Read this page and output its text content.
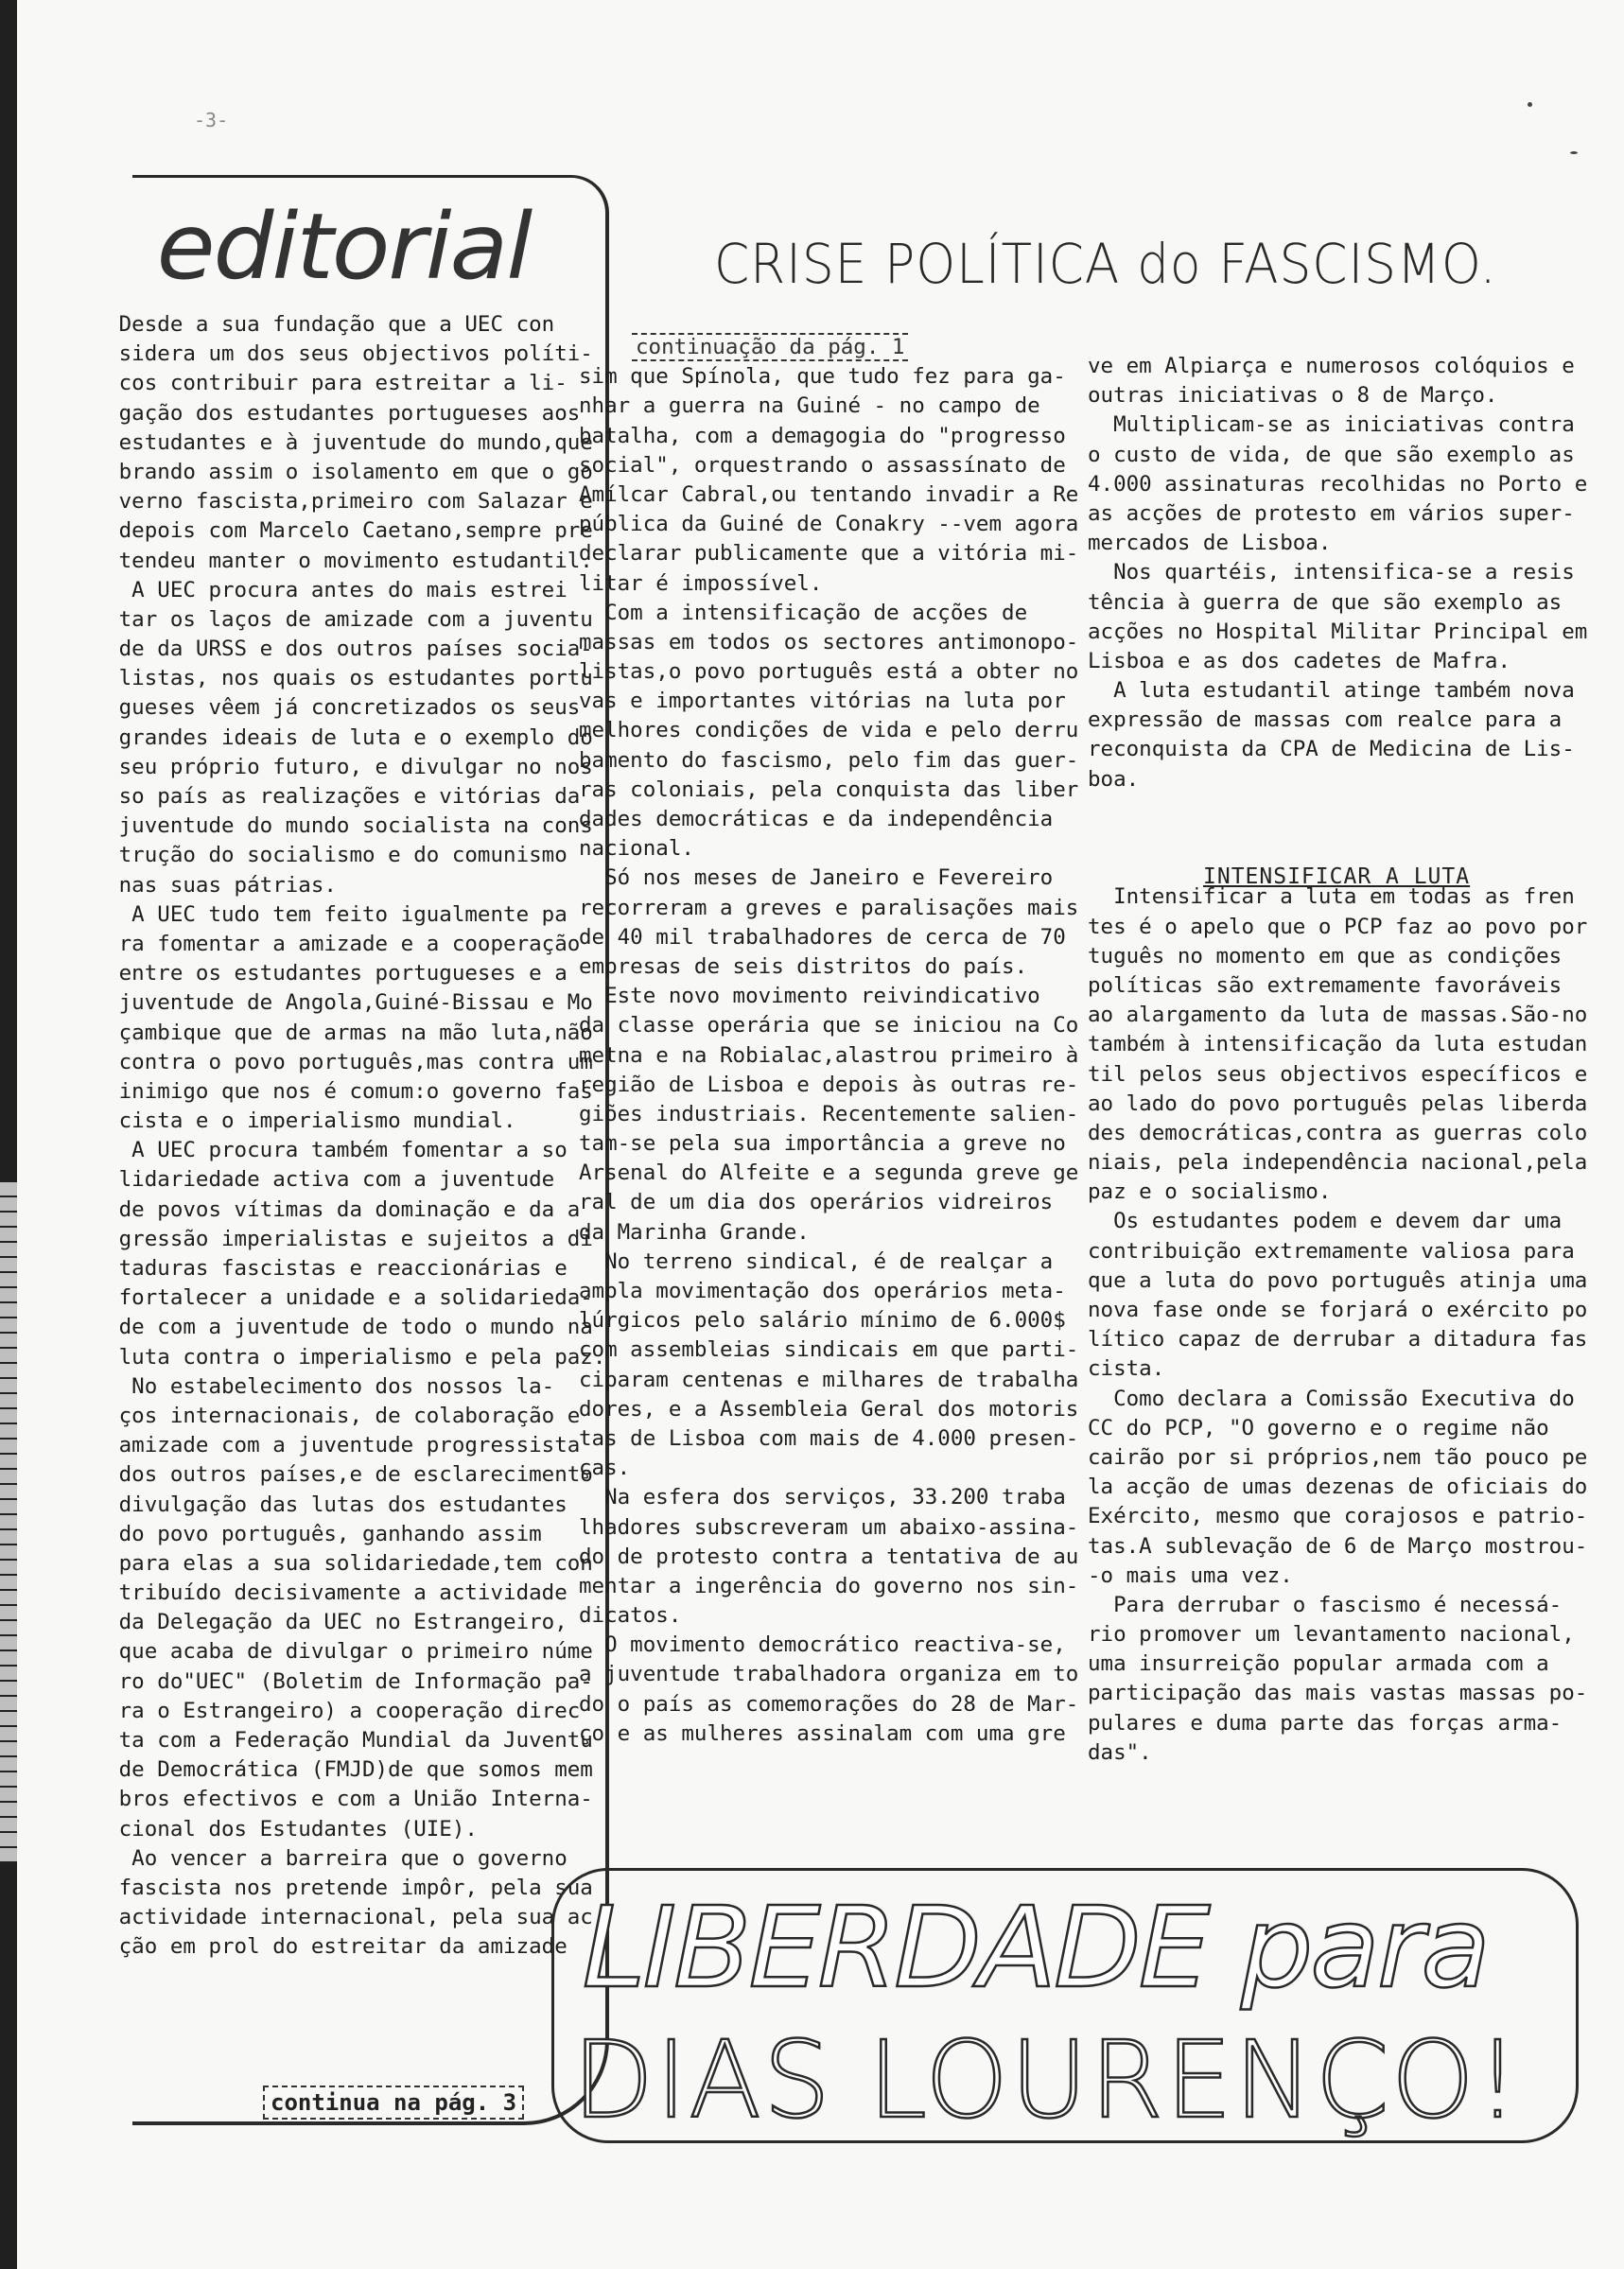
-3-
editorial
Desde a sua fundação que a UEC con
sidera um dos seus objectivos políti-
cos contribuir para estreitar a li-
gação dos estudantes portugueses aos
estudantes e à juventude do mundo,que
brando assim o isolamento em que o go
verno fascista,primeiro com Salazar e
depois com Marcelo Caetano,sempre pre
tendeu manter o movimento estudantil.
A UEC procura antes do mais estrei
tar os laços de amizade com a juventu
de da URSS e dos outros países socia-
listas, nos quais os estudantes portu
gueses vêem já concretizados os seus
grandes ideais de luta e o exemplo do
seu próprio futuro, e divulgar no nos
so país as realizações e vitórias da
juventude do mundo socialista na cons
trução do socialismo e do comunismo
nas suas pátrias.
A UEC tudo tem feito igualmente pa
ra fomentar a amizade e a cooperação
entre os estudantes portugueses e a
juventude de Angola,Guiné-Bissau e Mo
çambique que de armas na mão luta,não
contra o povo português,mas contra um
inimigo que nos é comum:o governo fas
cista e o imperialismo mundial.
A UEC procura também fomentar a so
lidariedade activa com a juventude
de povos vítimas da dominação e da a
gressão imperialistas e sujeitos a di
taduras fascistas e reaccionárias e
fortalecer a unidade e a solidarieda-
de com a juventude de todo o mundo na
luta contra o imperialismo e pela paz.
No estabelecimento dos nossos la-
ços internacionais, de colaboração e
amizade com a juventude progressista
dos outros países,e de esclarecimento
divulgação das lutas dos estudantes
do povo português, ganhando assim
para elas a sua solidariedade,tem con
tribuído decisivamente a actividade
da Delegação da UEC no Estrangeiro,
que acaba de divulgar o primeiro núme
ro do"UEC" (Boletim de Informação pa-
ra o Estrangeiro) a cooperação direc
ta com a Federação Mundial da Juventu
de Democrática (FMJD)de que somos mem
bros efectivos e com a União Interna-
cional dos Estudantes (UIE).
Ao vencer a barreira que o governo
fascista nos pretende impôr, pela sua
actividade internacional, pela sua ac
ção em prol do estreitar da amizade
continua na pág. 3
CRISE POLÍTICA do FASCISMO.
continuação da pág. 1
sim que Spínola, que tudo fez para ga-
nhar a guerra na Guiné - no campo de
batalha, com a demagogia do "progresso
social", orquestrando o assassínato de
Amílcar Cabral,ou tentando invadir a Re
pública da Guiné de Conakry --vem agora
declarar publicamente que a vitória mi-
litar é impossível.
Com a intensificação de acções de
massas em todos os sectores antimonopo-
listas,o povo português está a obter no
vas e importantes vitórias na luta por
melhores condições de vida e pelo derru
bamento do fascismo, pelo fim das guer-
ras coloniais, pela conquista das liber
dades democráticas e da independência
nacional.
Só nos meses de Janeiro e Fevereiro
recorreram a greves e paralisações mais
de 40 mil trabalhadores de cerca de 70
empresas de seis distritos do país.
Este novo movimento reivindicativo
da classe operária que se iniciou na Co
metna e na Robialac,alastrou primeiro à
região de Lisboa e depois às outras re-
giões industriais. Recentemente salien-
tam-se pela sua importância a greve no
Arsenal do Alfeite e a segunda greve ge
ral de um dia dos operários vidreiros
da Marinha Grande.
No terreno sindical, é de realçar a
ampla movimentação dos operários meta-
lúrgicos pelo salário mínimo de 6.000$
com assembleias sindicais em que parti-
ciparam centenas e milhares de trabalha
dores, e a Assembleia Geral dos motoris
tas de Lisboa com mais de 4.000 presen-
ças.
Na esfera dos serviços, 33.200 traba
lhadores subscreveram um abaixo-assina-
do de protesto contra a tentativa de au
mentar a ingerência do governo nos sin-
dicatos.
O movimento democrático reactiva-se,
a juventude trabalhadora organiza em to
do o país as comemorações do 28 de Mar-
ço e as mulheres assinalam com uma gre
ve em Alpiarça e numerosos colóquios e
outras iniciativas o 8 de Março.
Multiplicam-se as iniciativas contra
o custo de vida, de que são exemplo as
4.000 assinaturas recolhidas no Porto e
as acções de protesto em vários super-
mercados de Lisboa.
Nos quartéis, intensifica-se a resis
tência à guerra de que são exemplo as
acções no Hospital Militar Principal em
Lisboa e as dos cadetes de Mafra.
A luta estudantil atinge também nova
expressão de massas com realce para a
reconquista da CPA de Medicina de Lis-
boa.
Intensificar a luta em todas as fren
tes é o apelo que o PCP faz ao povo por
tuguês no momento em que as condições
políticas são extremamente favoráveis
ao alargamento da luta de massas.São-no
também à intensificação da luta estudan
til pelos seus objectivos específicos e
ao lado do povo português pelas liberda
des democráticas,contra as guerras colo
niais, pela independência nacional,pela
paz e o socialismo.
Os estudantes podem e devem dar uma
contribuição extremamente valiosa para
que a luta do povo português atinja uma
nova fase onde se forjará o exército po
lítico capaz de derrubar a ditadura fas
cista.
Como declara a Comissão Executiva do
CC do PCP, "O governo e o regime não
cairão por si próprios,nem tão pouco pe
la acção de umas dezenas de oficiais do
Exército, mesmo que corajosos e patrio-
tas.A sublevação de 6 de Março mostrou-
-o mais uma vez.
Para derrubar o fascismo é necessá-
rio promover um levantamento nacional,
uma insurreição popular armada com a
participação das mais vastas massas po-
pulares e duma parte das forças arma-
das".
INTENSIFICAR A LUTA
LIBERDADE para
DIAS LOURENÇO!
